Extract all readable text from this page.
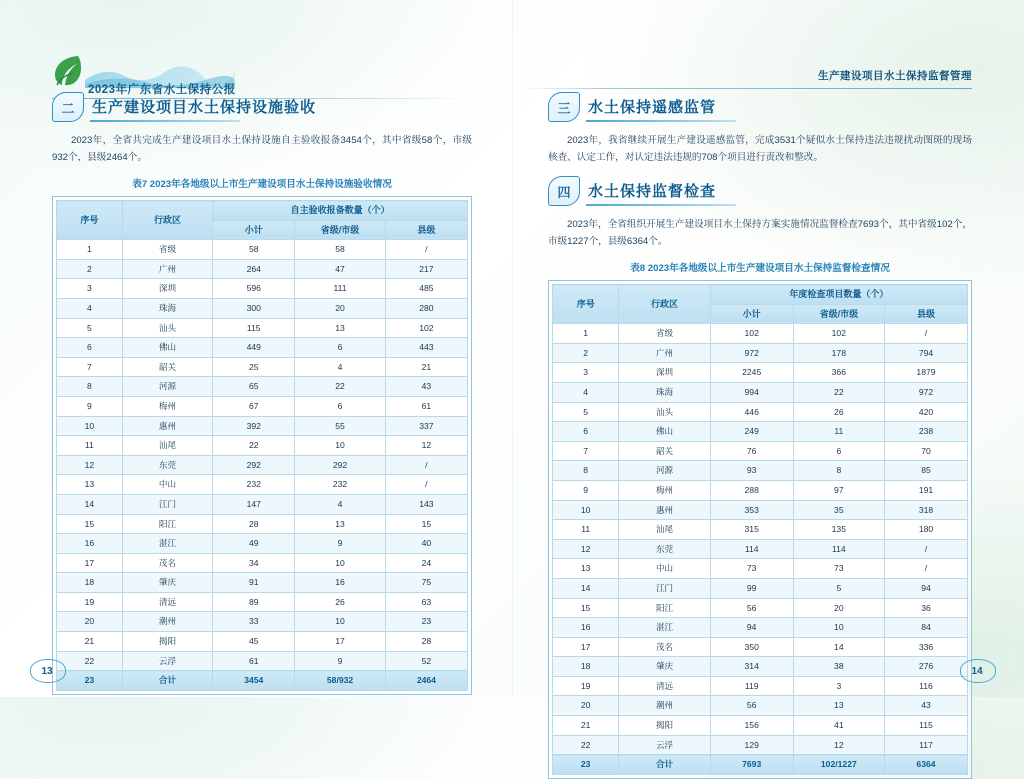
2023年广东省水土保持公报
生产建设项目水土保持监督管理
二	生产建设项目水土保持设施验收

2023年，全省共完成生产建设项目水土保持设施自主验收报备3454个，其中省级58个，市级932个，县级2464个。

表7 2023年各地级以上市生产建设项目水土保持设施验收情况
序号	行政区	自主验收报备数量（个）		
		小计	省级/市级	县级
1	省级	58	58	/
2	广州	264	47	217
3	深圳	596	111	485
4	珠海	300	20	280
5	汕头	115	13	102
6	佛山	449	6	443
7	韶关	25	4	21
8	河源	65	22	43
9	梅州	67	6	61
10	惠州	392	55	337
11	汕尾	22	10	12
12	东莞	292	292	/
13	中山	232	232	/
14	江门	147	4	143
15	阳江	28	13	15
16	湛江	49	9	40
17	茂名	34	10	24
18	肇庆	91	16	75
19	清远	89	26	63
20	潮州	33	10	23
21	揭阳	45	17	28
22	云浮	61	9	52
23	合计	3454	58/932	2464
三	水土保持遥感监管

2023年，我省继续开展生产建设遥感监管，完成3531个疑似水土保持违法违规扰动图斑的现场核查、认定工作，对认定违法违规的708个项目进行责改和整改。

四	水土保持监督检查

2023年，全省组织开展生产建设项目水土保持方案实施情况监督检查7693个，其中省级102个，市级1227个，县级6364个。

表8 2023年各地级以上市生产建设项目水土保持监督检查情况
序号	行政区	年度检查项目数量（个）		
		小计	省级/市级	县级
1	省级	102	102	/
2	广州	972	178	794
3	深圳	2245	366	1879
4	珠海	994	22	972
5	汕头	446	26	420
6	佛山	249	11	238
7	韶关	76	6	70
8	河源	93	8	85
9	梅州	288	97	191
10	惠州	353	35	318
11	汕尾	315	135	180
12	东莞	114	114	/
13	中山	73	73	/
14	江门	99	5	94
15	阳江	56	20	36
16	湛江	94	10	84
17	茂名	350	14	336
18	肇庆	314	38	276
19	清远	119	3	116
20	潮州	56	13	43
21	揭阳	156	41	115
22	云浮	129	12	117
23	合计	7693	102/1227	6364
13	14
